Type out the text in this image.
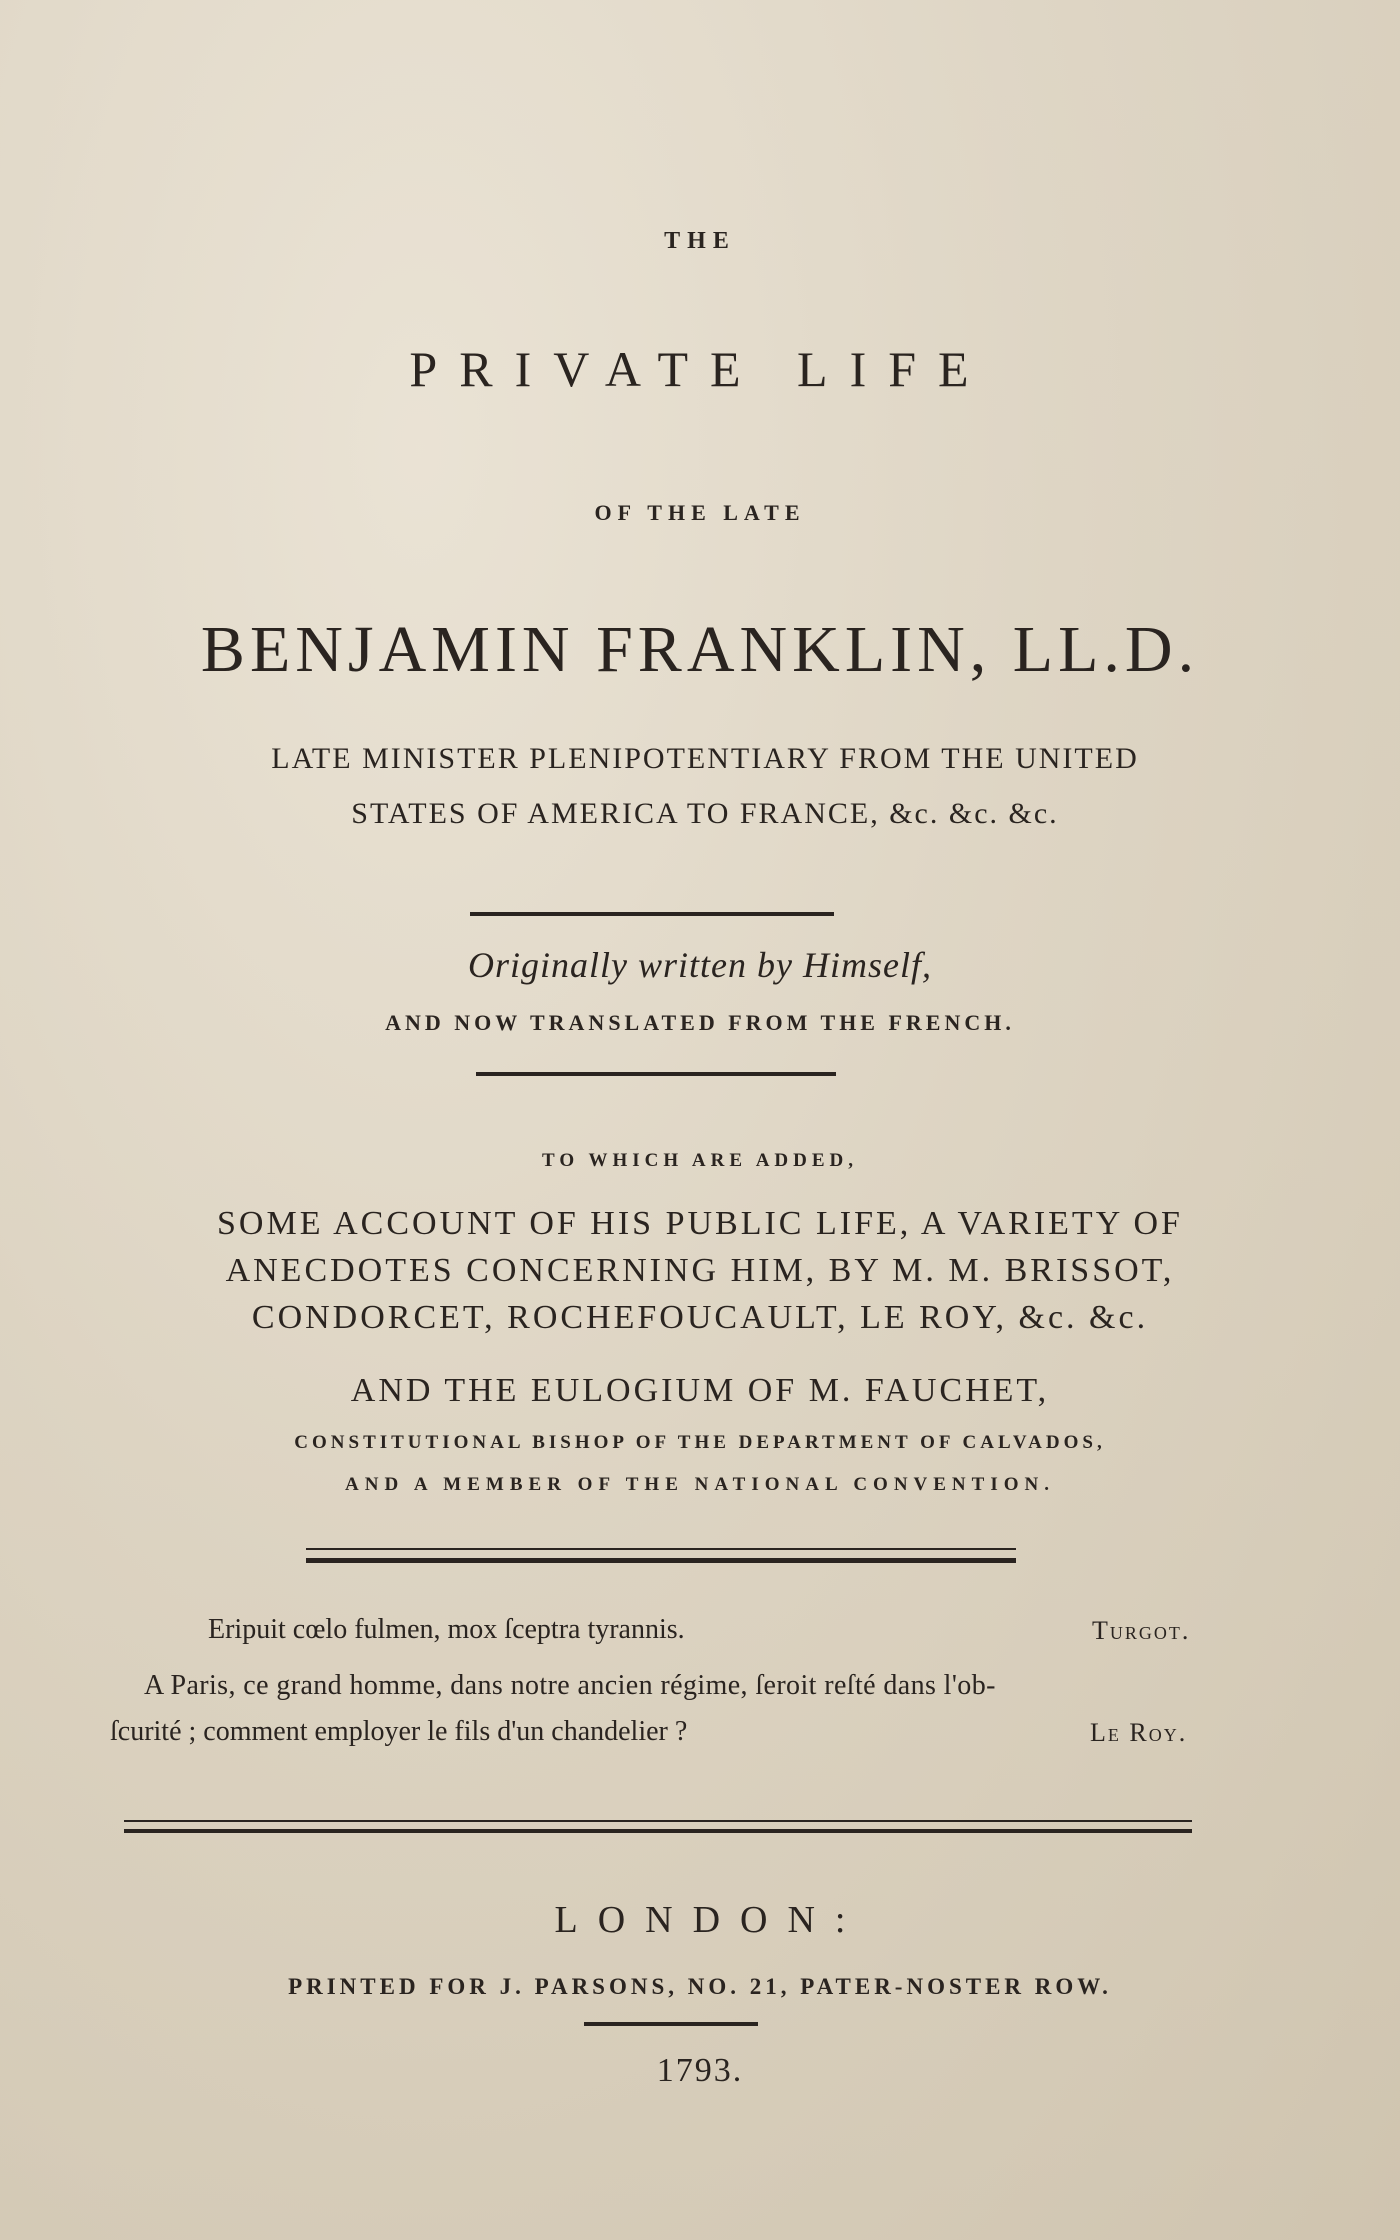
THE
PRIVATE LIFE
OF THE LATE
BENJAMIN FRANKLIN, LL.D.
LATE MINISTER PLENIPOTENTIARY FROM THE UNITED
STATES OF AMERICA TO FRANCE, &c. &c. &c.
Originally written by Himself,
AND NOW TRANSLATED FROM THE FRENCH.
TO WHICH ARE ADDED,
SOME ACCOUNT OF HIS PUBLIC LIFE, A VARIETY OF
ANECDOTES CONCERNING HIM, BY M. M. BRISSOT,
CONDORCET, ROCHEFOUCAULT, LE ROY, &c. &c.
AND THE EULOGIUM OF M. FAUCHET,
CONSTITUTIONAL BISHOP OF THE DEPARTMENT OF CALVADOS,
AND A MEMBER OF THE NATIONAL CONVENTION.
Eripuit cœlo fulmen, mox ſceptra tyrannis.	Turgot.
A Paris, ce grand homme, dans notre ancien régime, ſeroit reſté dans l'ob-
ſcurité ; comment employer le fils d'un chandelier ?	Le Roy.
LONDON:
PRINTED FOR J. PARSONS, NO. 21, PATER-NOSTER ROW.
1793.
